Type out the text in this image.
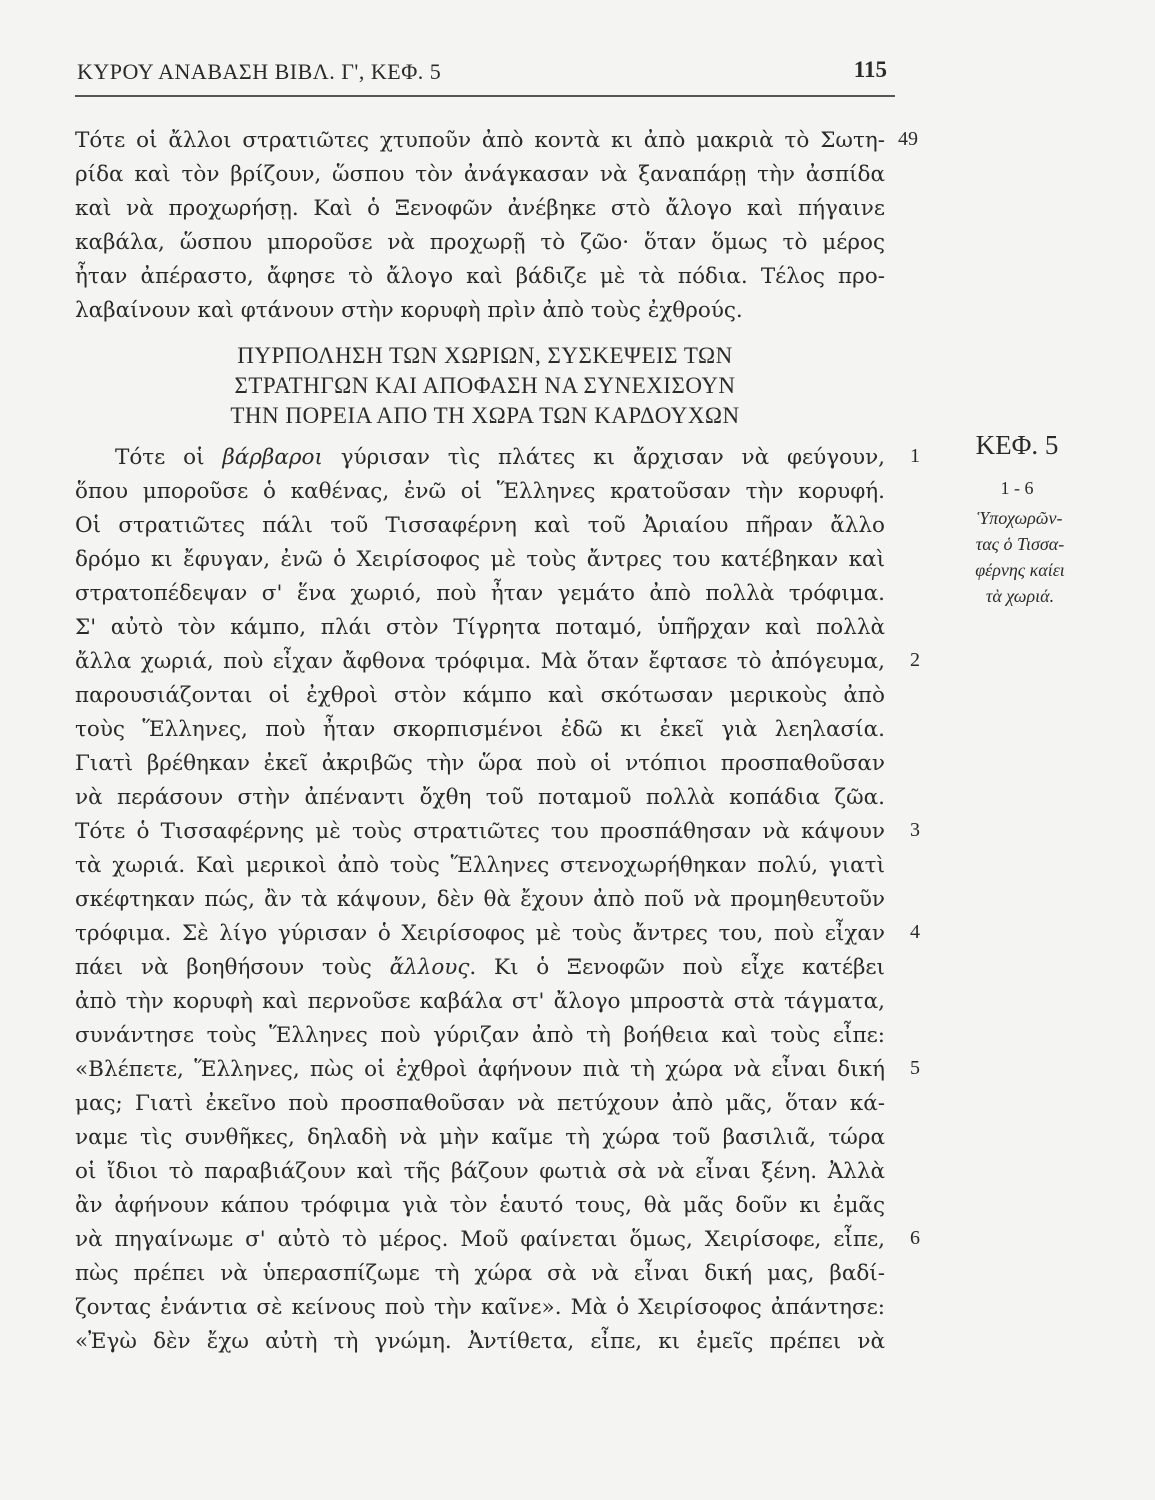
ΚΥΡΟΥ ΑΝΑΒΑΣΗ ΒΙΒΛ. Γ', ΚΕΦ. 5	115
Τότε οἱ ἄλλοι στρατιῶτες χτυποῦν ἀπὸ κοντὰ κι ἀπὸ μακριὰ τὸ Σωτη-
ρίδα καὶ τὸν βρίζουν, ὥσπου τὸν ἀνάγκασαν νὰ ξαναπάρῃ τὴν ἀσπίδα
καὶ νὰ προχωρήσῃ. Καὶ ὁ Ξενοφῶν ἀνέβηκε στὸ ἄλογο καὶ πήγαινε
καβάλα, ὥσπου μποροῦσε νὰ προχωρῇ τὸ ζῶο· ὅταν ὅμως τὸ μέρος
ἦταν ἀπέραστο, ἄφησε τὸ ἄλογο καὶ βάδιζε μὲ τὰ πόδια. Τέλος προ-
λαβαίνουν καὶ φτάνουν στὴν κορυφὴ πρὶν ἀπὸ τοὺς ἐχθρούς.
49
ΠΥΡΠΟΛΗΣΗ ΤΩΝ ΧΩΡΙΩΝ, ΣΥΣΚΕΨΕΙΣ ΤΩΝ
ΣΤΡΑΤΗΓΩΝ ΚΑΙ ΑΠΟΦΑΣΗ ΝΑ ΣΥΝΕΧΙΣΟΥΝ
ΤΗΝ ΠΟΡΕΙΑ ΑΠΟ ΤΗ ΧΩΡΑ ΤΩΝ ΚΑΡΔΟΥΧΩΝ
Τότε οἱ βάρβαροι γύρισαν τὶς πλάτες κι ἄρχισαν νὰ φεύγουν,
ὅπου μποροῦσε ὁ καθένας, ἐνῶ οἱ Ἕλληνες κρατοῦσαν τὴν κορυφή.
Οἱ στρατιῶτες πάλι τοῦ Τισσαφέρνη καὶ τοῦ Ἀριαίου πῆραν ἄλλο
δρόμο κι ἔφυγαν, ἐνῶ ὁ Χειρίσοφος μὲ τοὺς ἄντρες του κατέβηκαν καὶ
στρατοπέδεψαν σ' ἕνα χωριό, ποὺ ἦταν γεμάτο ἀπὸ πολλὰ τρόφιμα.
Σ' αὐτὸ τὸν κάμπο, πλάι στὸν Τίγρητα ποταμό, ὑπῆρχαν καὶ πολλὰ
ἄλλα χωριά, ποὺ εἶχαν ἄφθονα τρόφιμα. Μὰ ὅταν ἔφτασε τὸ ἀπόγευμα,
παρουσιάζονται οἱ ἐχθροὶ στὸν κάμπο καὶ σκότωσαν μερικοὺς ἀπὸ
τοὺς Ἕλληνες, ποὺ ἦταν σκορπισμένοι ἐδῶ κι ἐκεῖ γιὰ λεηλασία.
Γιατὶ βρέθηκαν ἐκεῖ ἀκριβῶς τὴν ὥρα ποὺ οἱ ντόπιοι προσπαθοῦσαν
νὰ περάσουν στὴν ἀπέναντι ὄχθη τοῦ ποταμοῦ πολλὰ κοπάδια ζῶα.
Τότε ὁ Τισσαφέρνης μὲ τοὺς στρατιῶτες του προσπάθησαν νὰ κάψουν
τὰ χωριά. Καὶ μερικοὶ ἀπὸ τοὺς Ἕλληνες στενοχωρήθηκαν πολύ, γιατὶ
σκέφτηκαν πώς, ἂν τὰ κάψουν, δὲν θὰ ἔχουν ἀπὸ ποῦ νὰ προμηθευτοῦν
τρόφιμα. Σὲ λίγο γύρισαν ὁ Χειρίσοφος μὲ τοὺς ἄντρες του, ποὺ εἶχαν
πάει νὰ βοηθήσουν τοὺς ἄλλους. Κι ὁ Ξενοφῶν ποὺ εἶχε κατέβει
ἀπὸ τὴν κορυφὴ καὶ περνοῦσε καβάλα στ' ἄλογο μπροστὰ στὰ τάγματα,
συνάντησε τοὺς Ἕλληνες ποὺ γύριζαν ἀπὸ τὴ βοήθεια καὶ τοὺς εἶπε:
«Βλέπετε, Ἕλληνες, πὼς οἱ ἐχθροὶ ἀφήνουν πιὰ τὴ χώρα νὰ εἶναι δική
μας; Γιατὶ ἐκεῖνο ποὺ προσπαθοῦσαν νὰ πετύχουν ἀπὸ μᾶς, ὅταν κά-
ναμε τὶς συνθῆκες, δηλαδὴ νὰ μὴν καῖμε τὴ χώρα τοῦ βασιλιᾶ, τώρα
οἱ ἴδιοι τὸ παραβιάζουν καὶ τῆς βάζουν φωτιὰ σὰ νὰ εἶναι ξένη. Ἀλλὰ
ἂν ἀφήνουν κάπου τρόφιμα γιὰ τὸν ἑαυτό τους, θὰ μᾶς δοῦν κι ἐμᾶς
νὰ πηγαίνωμε σ' αὐτὸ τὸ μέρος. Μοῦ φαίνεται ὅμως, Χειρίσοφε, εἶπε,
πὼς πρέπει νὰ ὑπερασπίζωμε τὴ χώρα σὰ νὰ εἶναι δική μας, βαδί-
ζοντας ἐνάντια σὲ κείνους ποὺ τὴν καῖνε». Μὰ ὁ Χειρίσοφος ἀπάντησε:
«Ἐγὼ δὲν ἔχω αὐτὴ τὴ γνώμη. Ἀντίθετα, εἶπε, κι ἐμεῖς πρέπει νὰ
1
2
3
4
5
6
ΚΕΦ. 5
1 - 6
Ὑποχωρῶν-
τας ὁ Τισσα-
φέρνης καίει
τὰ χωριά.
